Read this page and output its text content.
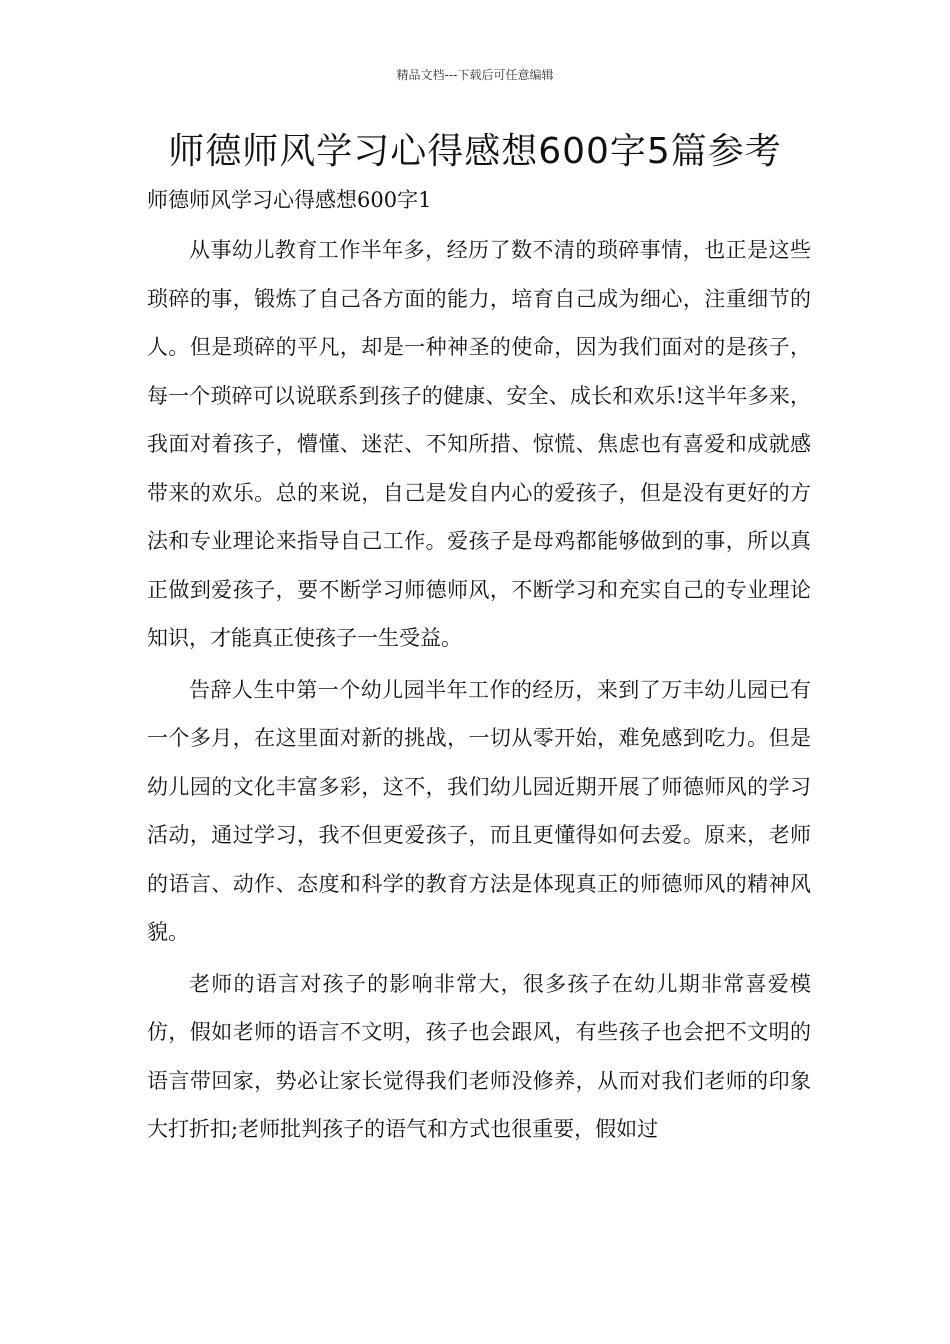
精品文档---下载后可任意编辑
师德师风学习心得感想600字5篇参考
师德师风学习心得感想600字1

从事幼儿教育工作半年多，经历了数不清的琐碎事情，也正是这些琐碎的事，锻炼了自己各方面的能力，培育自己成为细心，注重细节的人。但是琐碎的平凡，却是一种神圣的使命，因为我们面对的是孩子，每一个琐碎可以说联系到孩子的健康、安全、成长和欢乐!这半年多来，我面对着孩子，懵懂、迷茫、不知所措、惊慌、焦虑也有喜爱和成就感带来的欢乐。总的来说，自己是发自内心的爱孩子，但是没有更好的方法和专业理论来指导自己工作。爱孩子是母鸡都能够做到的事，所以真正做到爱孩子，要不断学习师德师风，不断学习和充实自己的专业理论知识，才能真正使孩子一生受益。

告辞人生中第一个幼儿园半年工作的经历，来到了万丰幼儿园已有一个多月，在这里面对新的挑战，一切从零开始，难免感到吃力。但是幼儿园的文化丰富多彩，这不，我们幼儿园近期开展了师德师风的学习活动，通过学习，我不但更爱孩子，而且更懂得如何去爱。原来，老师的语言、动作、态度和科学的教育方法是体现真正的师德师风的精神风貌。

老师的语言对孩子的影响非常大，很多孩子在幼儿期非常喜爱模仿，假如老师的语言不文明，孩子也会跟风，有些孩子也会把不文明的语言带回家，势必让家长觉得我们老师没修养，从而对我们老师的印象大打折扣;老师批判孩子的语气和方式也很重要，假如过
